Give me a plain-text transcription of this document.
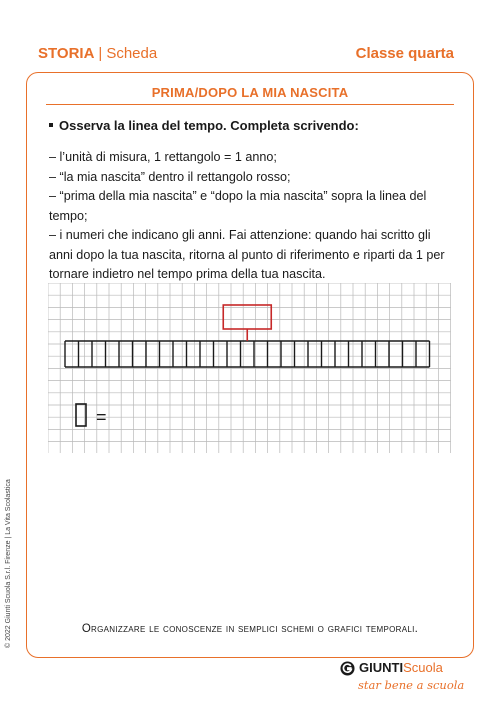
STORIA | Scheda	Classe quarta
PRIMA/DOPO LA MIA NASCITA
Osserva la linea del tempo. Completa scrivendo:
– l’unità di misura, 1 rettangolo = 1 anno;
– “la mia nascita” dentro il rettangolo rosso;
– “prima della mia nascita” e “dopo la mia nascita” sopra la linea del
tempo;
– i numeri che indicano gli anni. Fai attenzione: quando hai scritto gli
anni dopo la tua nascita, ritorna al punto di riferimento e riparti da 1 per
tornare indietro nel tempo prima della tua nascita.
=
Organizzare le conoscenze in semplici schemi o grafici temporali.
© 2022 Giunti Scuola S.r.l. Firenze | La Vita Scolastica
GIUNTIScuola
star bene a scuola
